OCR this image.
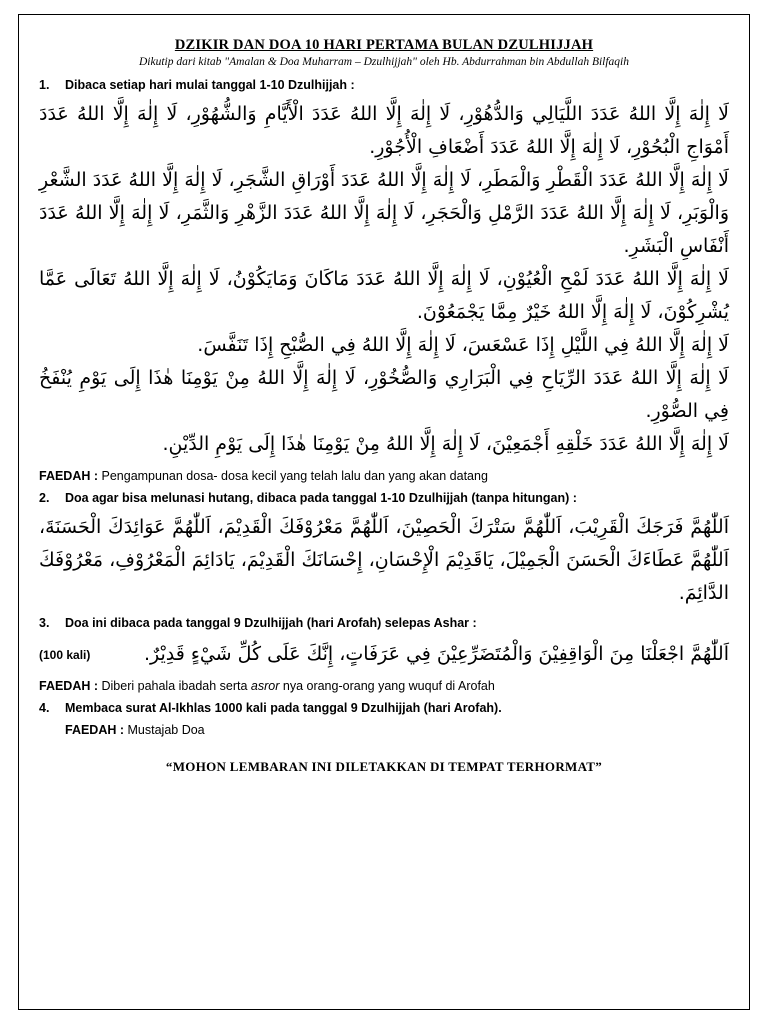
DZIKIR DAN DOA 10 HARI PERTAMA BULAN DZULHIJJAH
Dikutip dari kitab "Amalan & Doa Muharram – Dzulhijjah" oleh Hb. Abdurrahman bin Abdullah Bilfaqih
1.	Dibaca setiap hari mulai tanggal 1-10 Dzulhijjah :

لَا إِلٰهَ إِلَّا اللهُ عَدَدَ اللَّيَالِي وَالدُّهُوْرِ، لَا إِلٰهَ إِلَّا اللهُ عَدَدَ الْأَيَّامِ وَالشُّهُوْرِ، لَا إِلٰهَ إِلَّا اللهُ عَدَدَ أَمْوَاجِ الْبُحُوْرِ، لَا إِلٰهَ إِلَّا اللهُ عَدَدَ أَضْعَافِ الْأُجُوْرِ.

لَا إِلٰهَ إِلَّا اللهُ عَدَدَ الْقَطْرِ وَالْمَطَرِ، لَا إِلٰهَ إِلَّا اللهُ عَدَدَ أَوْرَاقِ الشَّجَرِ، لَا إِلٰهَ إِلَّا اللهُ عَدَدَ الشَّعْرِ وَالْوَبَرِ، لَا إِلٰهَ إِلَّا اللهُ عَدَدَ الرَّمْلِ وَالْحَجَرِ، لَا إِلٰهَ إِلَّا اللهُ عَدَدَ الزَّهْرِ وَالثَّمَرِ، لَا إِلٰهَ إِلَّا اللهُ عَدَدَ أَنْفَاسِ الْبَشَرِ.

لَا إِلٰهَ إِلَّا اللهُ عَدَدَ لَمْحِ الْعُيُوْنِ، لَا إِلٰهَ إِلَّا اللهُ عَدَدَ مَاكَانَ وَمَايَكُوْنُ، لَا إِلٰهَ إِلَّا اللهُ تَعَالَى عَمَّا يُشْرِكُوْنَ، لَا إِلٰهَ إِلَّا اللهُ خَيْرٌ مِمَّا يَجْمَعُوْنَ.

لَا إِلٰهَ إِلَّا اللهُ فِي اللَّيْلِ إِذَا عَسْعَسَ، لَا إِلٰهَ إِلَّا اللهُ فِي الصُّبْحِ إِذَا تَنَفَّسَ.

لَا إِلٰهَ إِلَّا اللهُ عَدَدَ الرِّيَاحِ فِي الْبَرَارِي وَالصُّخُوْرِ، لَا إِلٰهَ إِلَّا اللهُ مِنْ يَوْمِنَا هٰذَا إِلَى يَوْمِ يُنْفَخُ فِي الصُّوْرِ.

لَا إِلٰهَ إِلَّا اللهُ عَدَدَ خَلْقِهِ أَجْمَعِيْنَ، لَا إِلٰهَ إِلَّا اللهُ مِنْ يَوْمِنَا هٰذَا إِلَى يَوْمِ الدِّيْنِ.

FAEDAH : Pengampunan dosa- dosa kecil yang telah lalu dan yang akan datang
2.	Doa agar bisa melunasi hutang, dibaca pada tanggal 1-10 Dzulhijjah (tanpa hitungan) :

اَللّٰهُمَّ فَرَجَكَ الْقَرِيْبَ، اَللّٰهُمَّ سَتْرَكَ الْحَصِيْنَ، اَللّٰهُمَّ مَعْرُوْفَكَ الْقَدِيْمَ، اَللّٰهُمَّ عَوَائِدَكَ الْحَسَنَةَ، اَللّٰهُمَّ عَطَاءَكَ الْحَسَنَ الْجَمِيْلَ، يَاقَدِيْمَ الْإِحْسَانِ، إِحْسَانَكَ الْقَدِيْمَ، يَادَائِمَ الْمَعْرُوْفِ، مَعْرُوْفَكَ الدَّائِمَ.

3.	Doa ini dibaca pada tanggal 9 Dzulhijjah (hari Arofah) selepas Ashar :
(100 kali)	اَللّٰهُمَّ اجْعَلْنَا مِنَ الْوَاقِفِيْنَ وَالْمُتَضَرِّعِيْنَ فِي عَرَفَاتٍ، إِنَّكَ عَلَى كُلِّ شَيْءٍ قَدِيْرٌ.

FAEDAH : Diberi pahala ibadah serta asror nya orang-orang yang wuquf di Arofah
4.	Membaca surat Al-Ikhlas 1000 kali pada tanggal 9 Dzulhijjah (hari Arofah).
FAEDAH : Mustajab Doa
“MOHON LEMBARAN INI DILETAKKAN DI TEMPAT TERHORMAT”
